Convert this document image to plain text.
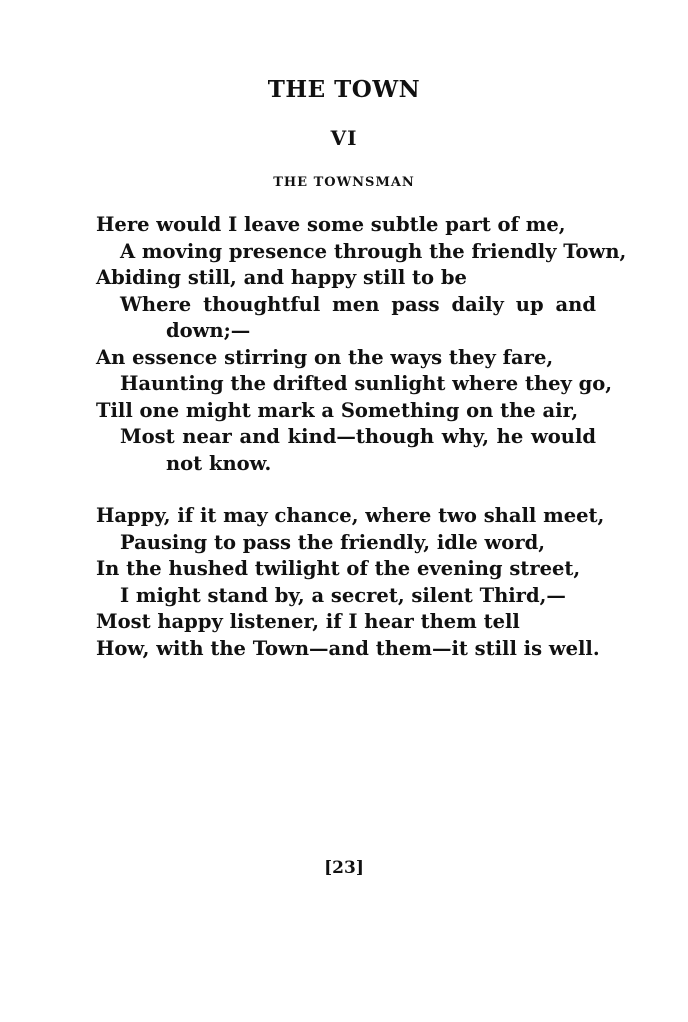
THE TOWN
VI
THE TOWNSMAN
Here would I leave some subtle part of me,
A moving presence through the friendly Town,
Abiding still, and happy still to be
Where thoughtful men pass daily up and
down;—
An essence stirring on the ways they fare,
Haunting the drifted sunlight where they go,
Till one might mark a Something on the air,
Most near and kind—though why, he would
not know.
Happy, if it may chance, where two shall meet,
Pausing to pass the friendly, idle word,
In the hushed twilight of the evening street,
I might stand by, a secret, silent Third,—
Most happy listener, if I hear them tell
How, with the Town—and them—it still is well.
[23]
